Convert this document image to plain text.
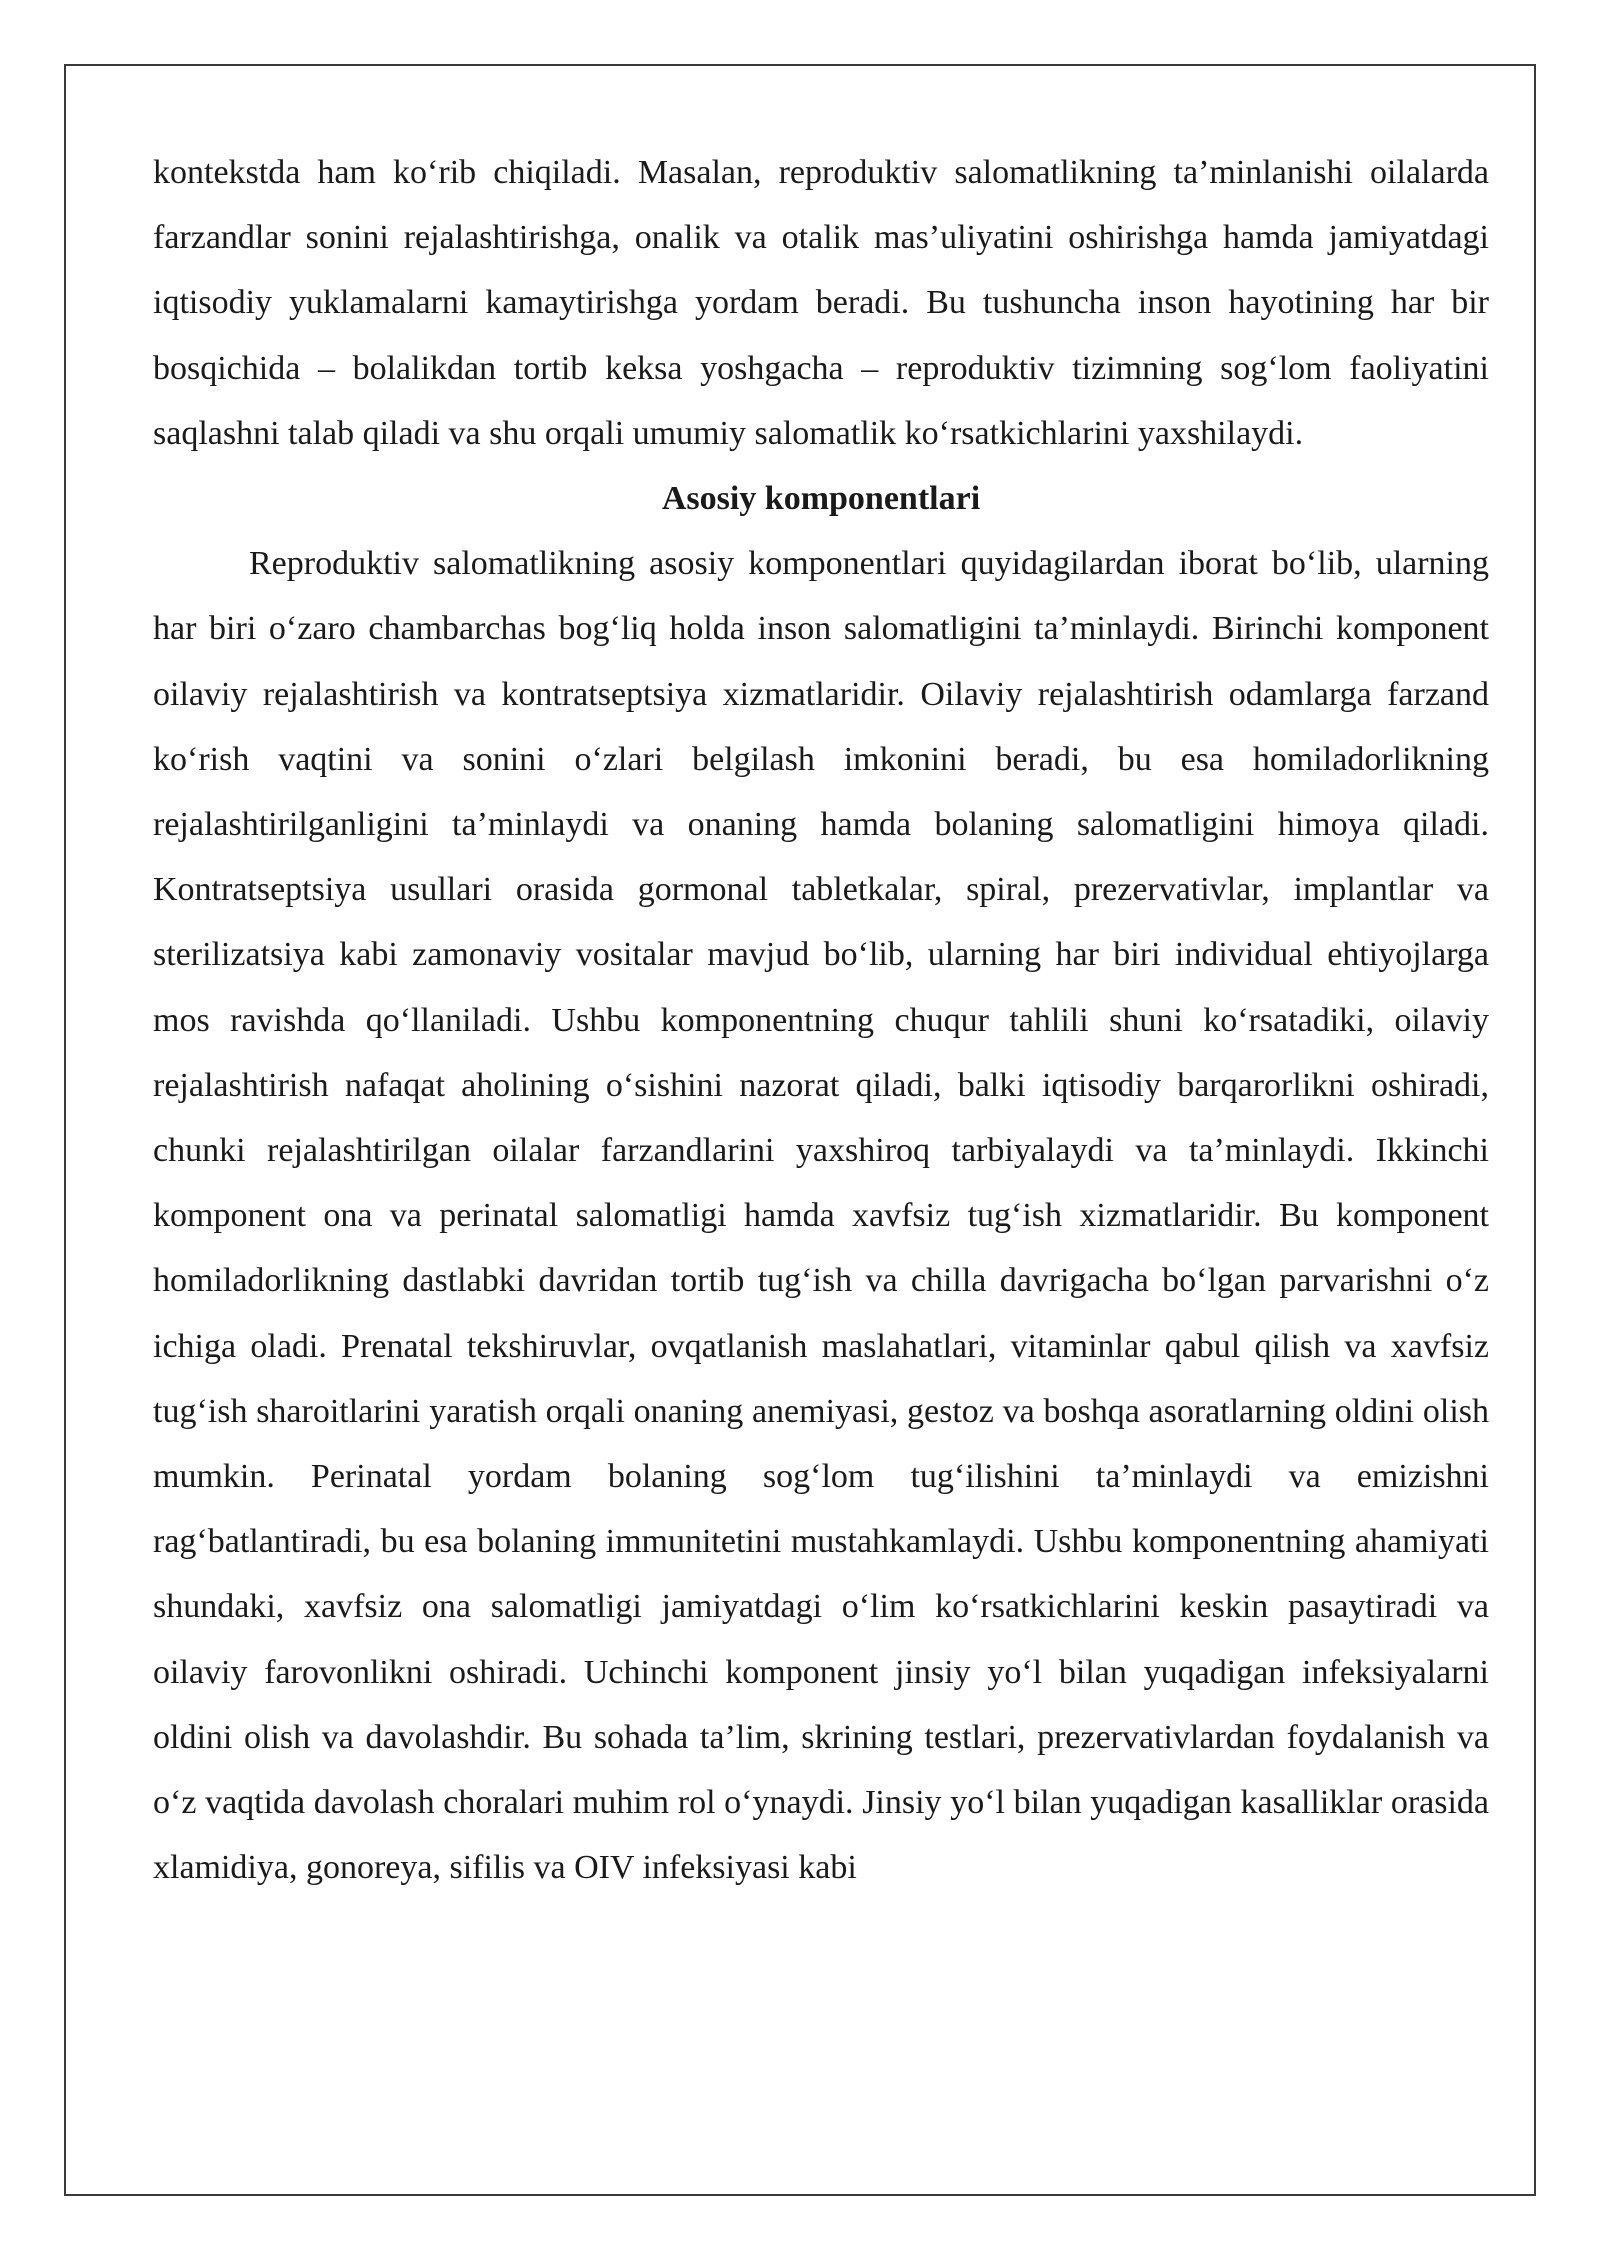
kontekstda ham ko‘rib chiqiladi. Masalan, reproduktiv salomatlikning ta’minlanishi oilalarda farzandlar sonini rejalashtirishga, onalik va otalik mas’uliyatini oshirishga hamda jamiyatdagi iqtisodiy yuklamalarni kamaytirishga yordam beradi. Bu tushuncha inson hayotining har bir bosqichida – bolalikdan tortib keksa yoshgacha – reproduktiv tizimning sog‘lom faoliyatini saqlashni talab qiladi va shu orqali umumiy salomatlik ko‘rsatkichlarini yaxshilaydi.

Asosiy komponentlari

Reproduktiv salomatlikning asosiy komponentlari quyidagilardan iborat bo‘lib, ularning har biri o‘zaro chambarchas bog‘liq holda inson salomatligini ta’minlaydi. Birinchi komponent oilaviy rejalashtirish va kontratseptsiya xizmatlaridir. Oilaviy rejalashtirish odamlarga farzand ko‘rish vaqtini va sonini o‘zlari belgilash imkonini beradi, bu esa homiladorlikning rejalashtirilganligini ta’minlaydi va onaning hamda bolaning salomatligini himoya qiladi. Kontratseptsiya usullari orasida gormonal tabletkalar, spiral, prezervativlar, implantlar va sterilizatsiya kabi zamonaviy vositalar mavjud bo‘lib, ularning har biri individual ehtiyojlarga mos ravishda qo‘llaniladi. Ushbu komponentning chuqur tahlili shuni ko‘rsatadiki, oilaviy rejalashtirish nafaqat aholining o‘sishini nazorat qiladi, balki iqtisodiy barqarorlikni oshiradi, chunki rejalashtirilgan oilalar farzandlarini yaxshiroq tarbiyalaydi va ta’minlaydi. Ikkinchi komponent ona va perinatal salomatligi hamda xavfsiz tug‘ish xizmatlaridir. Bu komponent homiladorlikning dastlabki davridan tortib tug‘ish va chilla davrigacha bo‘lgan parvarishni o‘z ichiga oladi. Prenatal tekshiruvlar, ovqatlanish maslahatlari, vitaminlar qabul qilish va xavfsiz tug‘ish sharoitlarini yaratish orqali onaning anemiyasi, gestoz va boshqa asoratlarning oldini olish mumkin. Perinatal yordam bolaning sog‘lom tug‘ilishini ta’minlaydi va emizishni rag‘batlantiradi, bu esa bolaning immunitetini mustahkamlaydi. Ushbu komponentning ahamiyati shundaki, xavfsiz ona salomatligi jamiyatdagi o‘lim ko‘rsatkichlarini keskin pasaytiradi va oilaviy farovonlikni oshiradi. Uchinchi komponent jinsiy yo‘l bilan yuqadigan infeksiyalarni oldini olish va davolashdir. Bu sohada ta’lim, skrining testlari, prezervativlardan foydalanish va o‘z vaqtida davolash choralari muhim rol o‘ynaydi. Jinsiy yo‘l bilan yuqadigan kasalliklar orasida xlamidiya, gonoreya, sifilis va OIV infeksiyasi kabi
